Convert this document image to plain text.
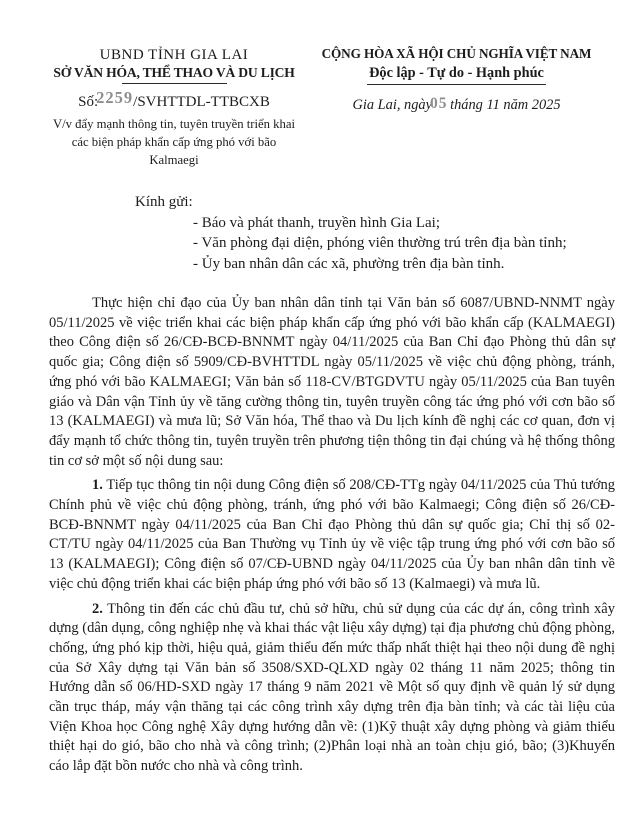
UBND TỈNH GIA LAI
SỞ VĂN HÓA, THỂ THAO VÀ DU LỊCH
Số:2259/SVHTTDL-TTBCXB
V/v đẩy mạnh thông tin, tuyên truyền triển khai các biện pháp khẩn cấp ứng phó với bão Kalmaegi
CỘNG HÒA XÃ HỘI CHỦ NGHĨA VIỆT NAM
Độc lập - Tự do - Hạnh phúc
Gia Lai, ngày05 tháng 11 năm 2025
Kính gửi:
- Báo và phát thanh, truyền hình Gia Lai;
- Văn phòng đại diện, phóng viên thường trú trên địa bàn tỉnh;
- Ủy ban nhân dân các xã, phường trên địa bàn tỉnh.

Thực hiện chỉ đạo của Ủy ban nhân dân tỉnh tại Văn bản số 6087/UBND-NNMT ngày 05/11/2025 về việc triển khai các biện pháp khẩn cấp ứng phó với bão khẩn cấp (KALMAEGI) theo Công điện số 26/CĐ-BCĐ-BNNMT ngày 04/11/2025 của Ban Chỉ đạo Phòng thủ dân sự quốc gia; Công điện số 5909/CĐ-BVHTTDL ngày 05/11/2025 về việc chủ động phòng, tránh, ứng phó với bão KALMAEGI; Văn bản số 118-CV/BTGDVTU ngày 05/11/2025 của Ban tuyên giáo và Dân vận Tỉnh ủy về tăng cường thông tin, tuyên truyền công tác ứng phó với cơn bão số 13 (KALMAEGI) và mưa lũ; Sở Văn hóa, Thể thao và Du lịch kính đề nghị các cơ quan, đơn vị đẩy mạnh tổ chức thông tin, tuyên truyền trên phương tiện thông tin đại chúng và hệ thống thông tin cơ sở một số nội dung sau:

1. Tiếp tục thông tin nội dung Công điện số 208/CĐ-TTg ngày 04/11/2025 của Thủ tướng Chính phủ về việc chủ động phòng, tránh, ứng phó với bão Kalmaegi; Công điện số 26/CĐ-BCĐ-BNNMT ngày 04/11/2025 của Ban Chỉ đạo Phòng thủ dân sự quốc gia; Chỉ thị số 02-CT/TU ngày 04/11/2025 của Ban Thường vụ Tỉnh ủy về việc tập trung ứng phó với cơn bão số 13 (KALMAEGI); Công điện số 07/CĐ-UBND ngày 04/11/2025 của Ủy ban nhân dân tỉnh về việc chủ động triển khai các biện pháp ứng phó với bão số 13 (Kalmaegi) và mưa lũ.

2. Thông tin đến các chủ đầu tư, chủ sở hữu, chủ sử dụng của các dự án, công trình xây dựng (dân dụng, công nghiệp nhẹ và khai thác vật liệu xây dựng) tại địa phương chủ động phòng, chống, ứng phó kịp thời, hiệu quả, giảm thiểu đến mức thấp nhất thiệt hại theo nội dung đề nghị của Sở Xây dựng tại Văn bản số 3508/SXD-QLXD ngày 02 tháng 11 năm 2025; thông tin Hướng dẫn số 06/HD-SXD ngày 17 tháng 9 năm 2021 về Một số quy định về quản lý sử dụng cần trục tháp, máy vận thăng tại các công trình xây dựng trên địa bàn tỉnh; và các tài liệu của Viện Khoa học Công nghệ Xây dựng hướng dẫn về: (1)Kỹ thuật xây dựng phòng và giảm thiểu thiệt hại do gió, bão cho nhà và công trình; (2)Phân loại nhà an toàn chịu gió, bão; (3)Khuyến cáo lắp đặt bồn nước cho nhà và công trình.
